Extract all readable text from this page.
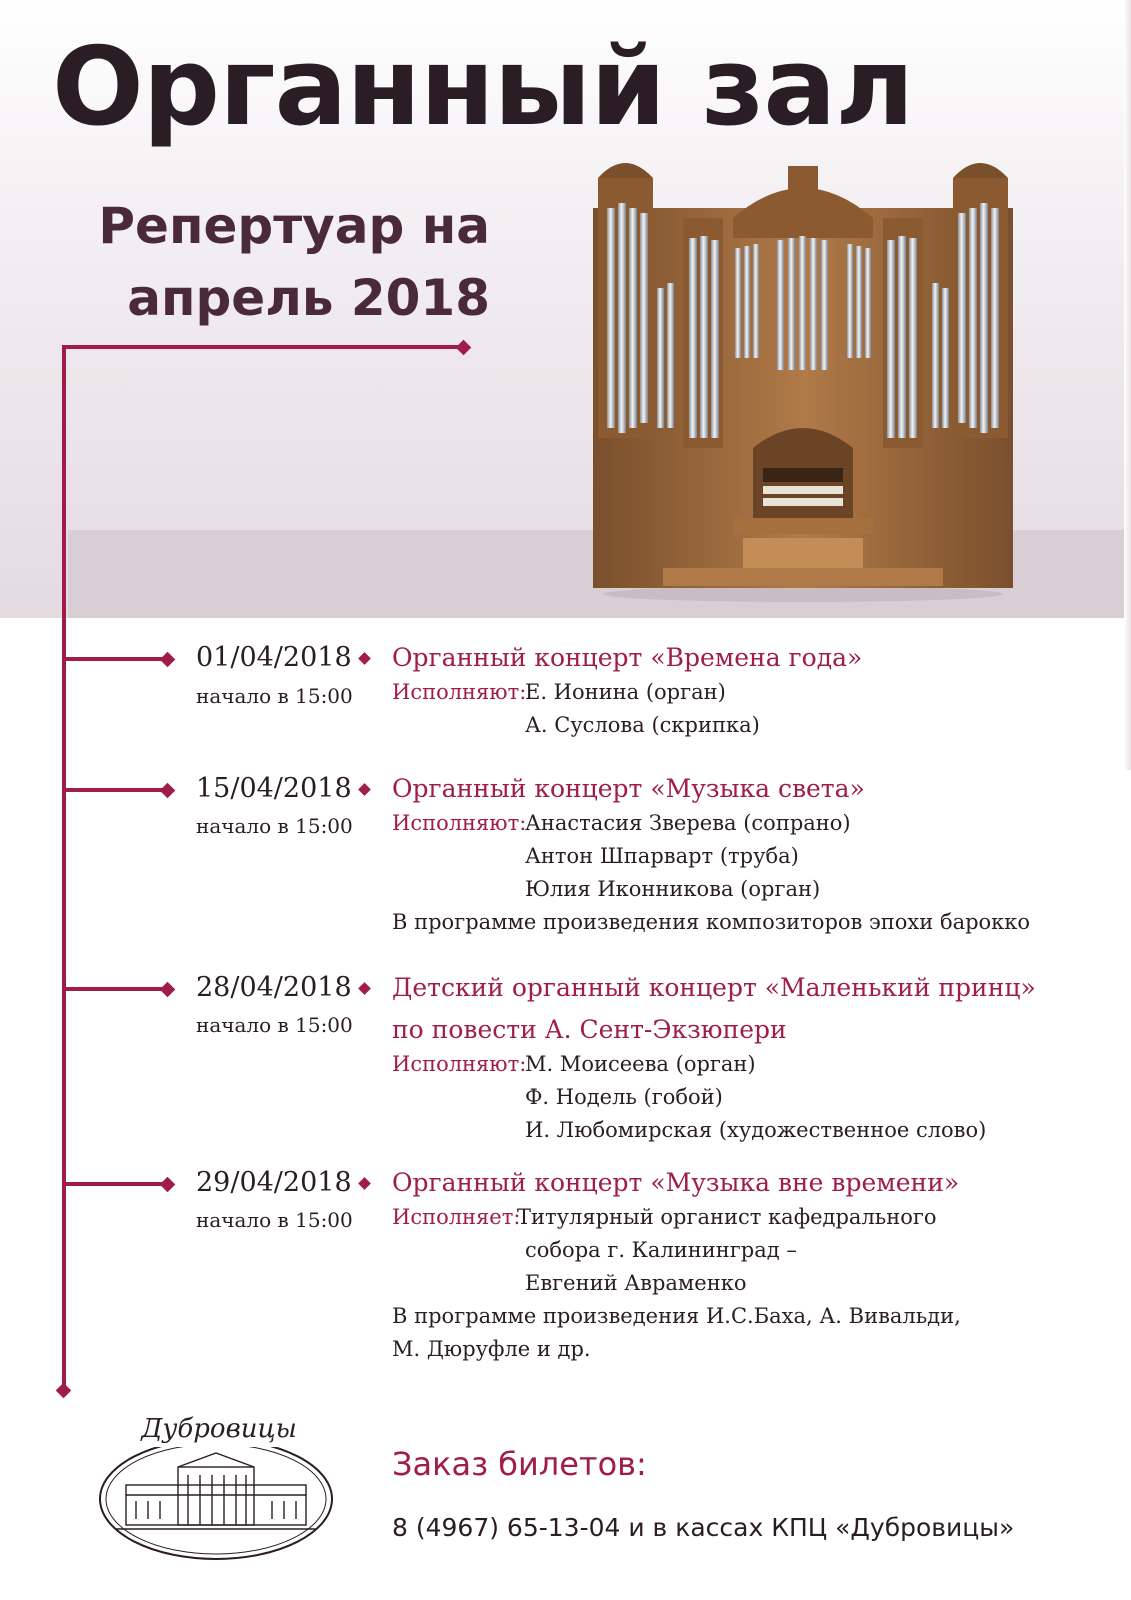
Органный зал
Репертуар на
апрель 2018
01/04/2018
начало в 15:00
Органный концерт «Времена года»
Исполняют:
Е. Ионина (орган)
А. Суслова (скрипка)
15/04/2018
начало в 15:00
Органный концерт «Музыка света»
Исполняют:
Анастасия Зверева (сопрано)
Антон Шпарварт (труба)
Юлия Иконникова (орган)
В программе произведения композиторов эпохи барокко
28/04/2018
начало в 15:00
Детский органный концерт «Маленький принц»
по повести А. Сент-Экзюпери
Исполняют:
М. Моисеева (орган)
Ф. Нодель (гобой)
И. Любомирская (художественное слово)
29/04/2018
начало в 15:00
Органный концерт «Музыка вне времени»
Исполняет:
Титулярный органист кафедрального
собора г. Калининград –
Евгений Авраменко
В программе произведения И.С.Баха, А. Вивальди,
М. Дюруфле и др.
Дубровицы
Заказ билетов:
8 (4967) 65-13-04 и в кассах КПЦ «Дубровицы»
